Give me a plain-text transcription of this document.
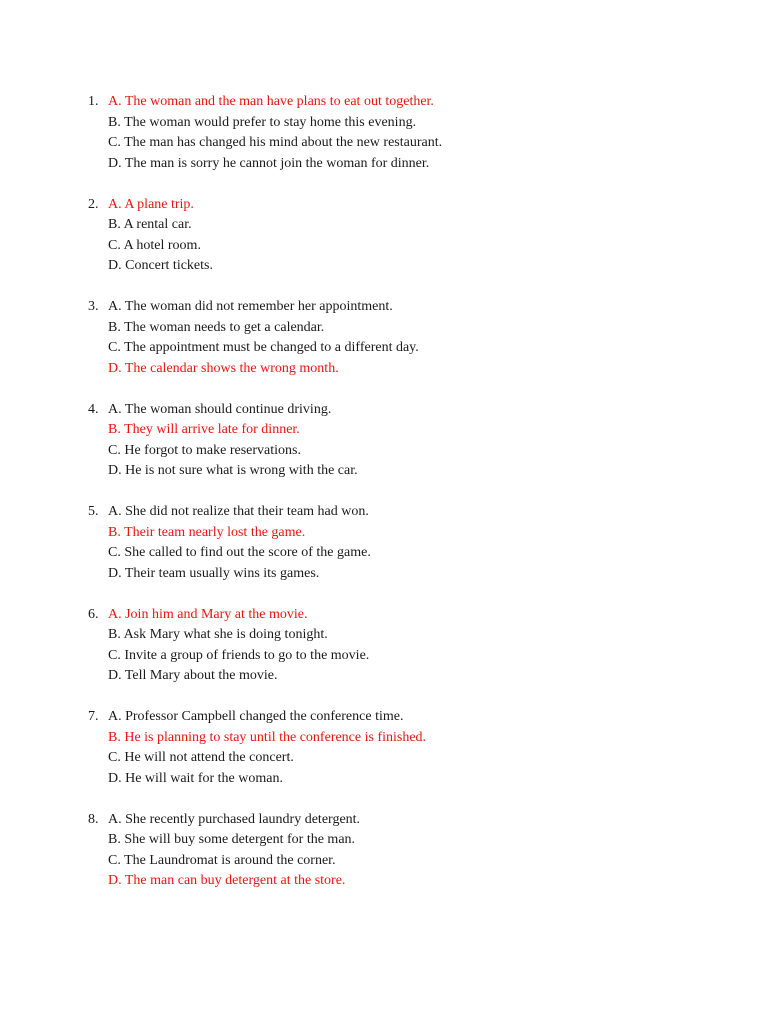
1. A. The woman and the man have plans to eat out together.
B. The woman would prefer to stay home this evening.
C. The man has changed his mind about the new restaurant.
D. The man is sorry he cannot join the woman for dinner.
2. A. A plane trip.
B. A rental car.
C. A hotel room.
D. Concert tickets.
3. A. The woman did not remember her appointment.
B. The woman needs to get a calendar.
C. The appointment must be changed to a different day.
D. The calendar shows the wrong month.
4. A. The woman should continue driving.
B. They will arrive late for dinner.
C. He forgot to make reservations.
D. He is not sure what is wrong with the car.
5. A. She did not realize that their team had won.
B. Their team nearly lost the game.
C. She called to find out the score of the game.
D. Their team usually wins its games.
6. A. Join him and Mary at the movie.
B. Ask Mary what she is doing tonight.
C. Invite a group of friends to go to the movie.
D. Tell Mary about the movie.
7. A. Professor Campbell changed the conference time.
B. He is planning to stay until the conference is finished.
C. He will not attend the concert.
D. He will wait for the woman.
8. A. She recently purchased laundry detergent.
B. She will buy some detergent for the man.
C. The Laundromat is around the corner.
D. The man can buy detergent at the store.
